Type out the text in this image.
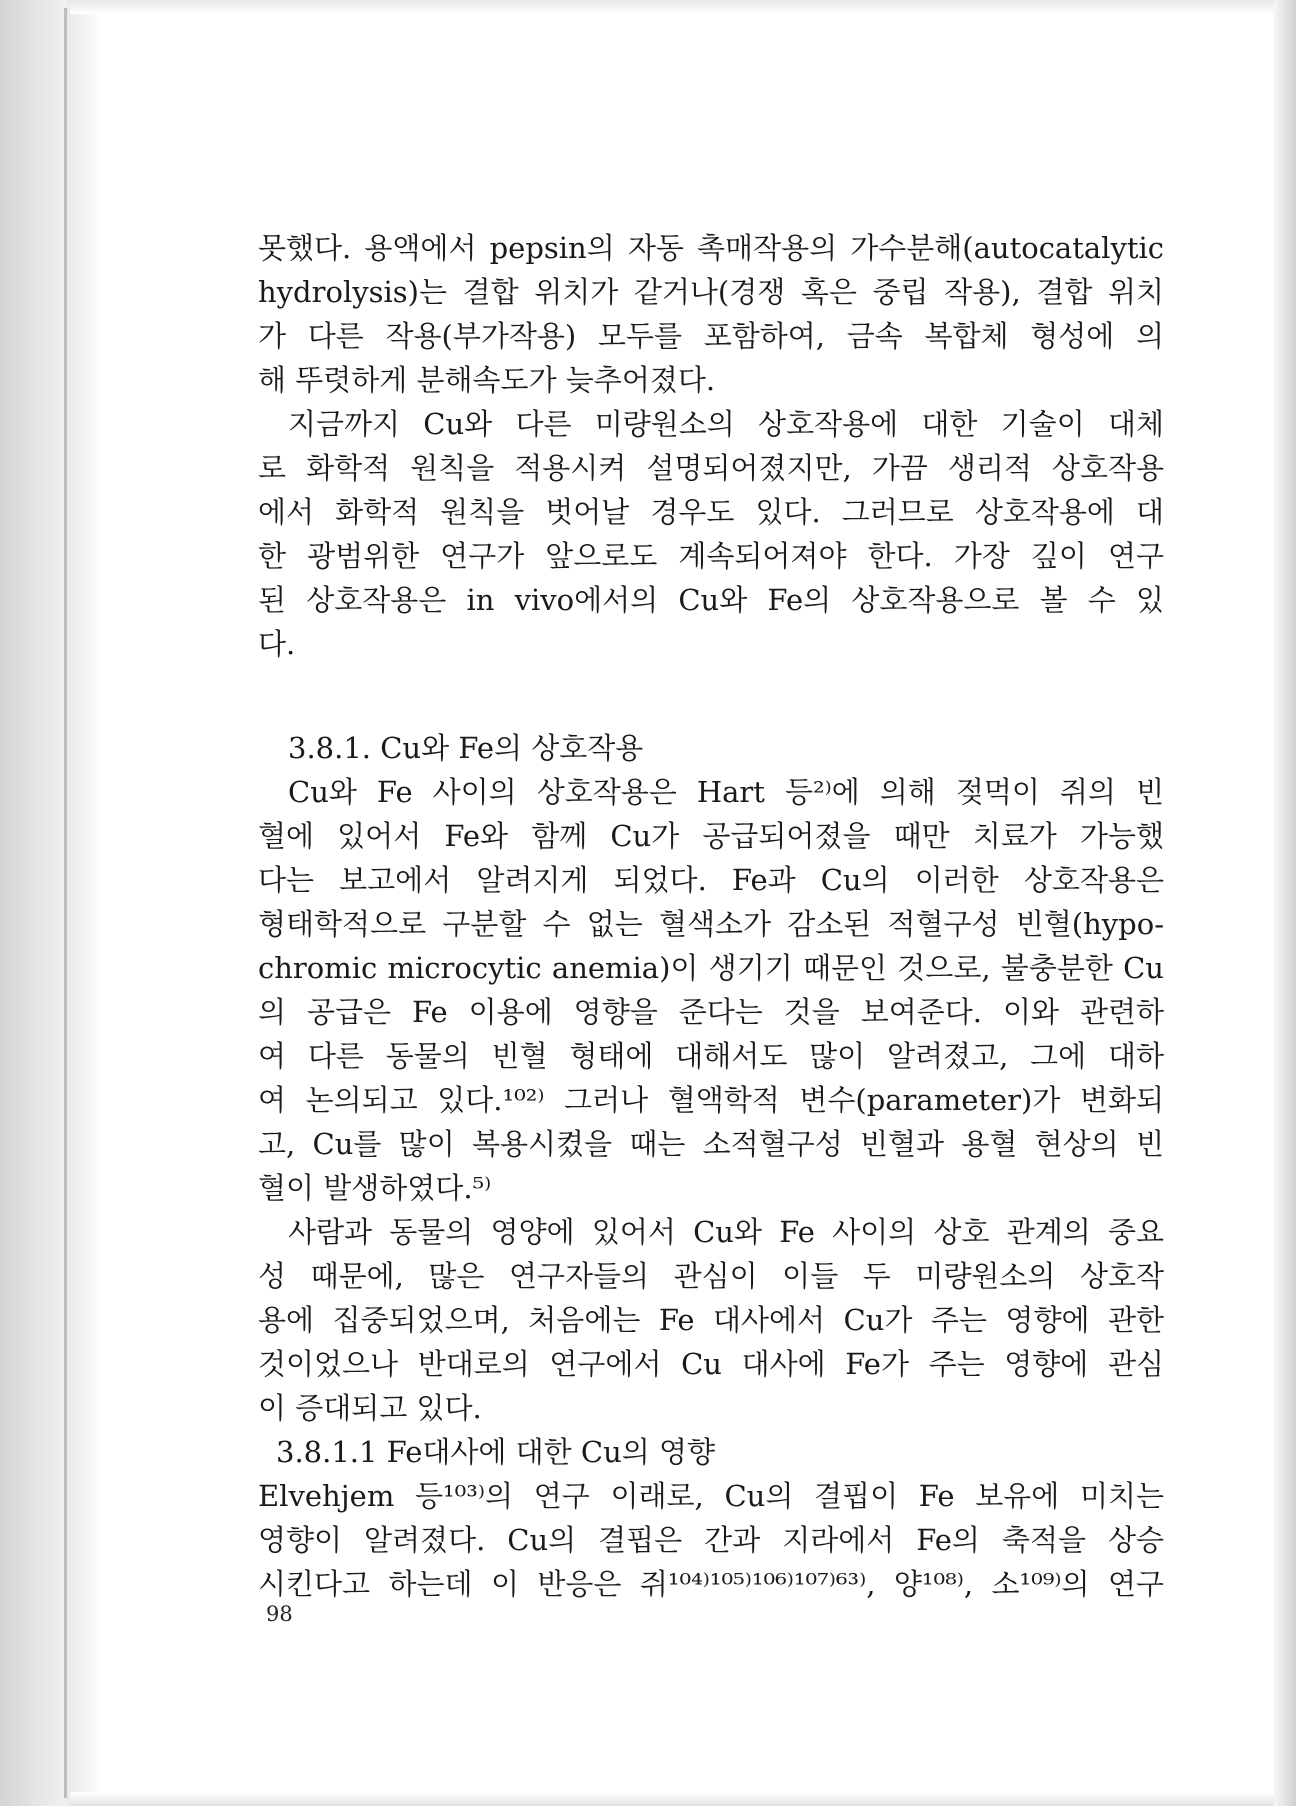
못했다. 용액에서 pepsin의 자동 촉매작용의 가수분해(autocatalytic
hydrolysis)는 결합 위치가 같거나(경쟁 혹은 중립 작용), 결합 위치
가 다른 작용(부가작용) 모두를 포함하여, 금속 복합체 형성에 의
해 뚜렷하게 분해속도가 늦추어졌다.
지금까지 Cu와 다른 미량원소의 상호작용에 대한 기술이 대체
로 화학적 원칙을 적용시켜 설명되어졌지만, 가끔 생리적 상호작용
에서 화학적 원칙을 벗어날 경우도 있다. 그러므로 상호작용에 대
한 광범위한 연구가 앞으로도 계속되어져야 한다. 가장 깊이 연구
된 상호작용은 in vivo에서의 Cu와 Fe의 상호작용으로 볼 수 있
다.
3.8.1. Cu와 Fe의 상호작용
Cu와 Fe 사이의 상호작용은 Hart 등²⁾에 의해 젖먹이 쥐의 빈
혈에 있어서 Fe와 함께 Cu가 공급되어졌을 때만 치료가 가능했
다는 보고에서 알려지게 되었다. Fe과 Cu의 이러한 상호작용은
형태학적으로 구분할 수 없는 혈색소가 감소된 적혈구성 빈혈(hypo-
chromic microcytic anemia)이 생기기 때문인 것으로, 불충분한 Cu
의 공급은 Fe 이용에 영향을 준다는 것을 보여준다. 이와 관련하
여 다른 동물의 빈혈 형태에 대해서도 많이 알려졌고, 그에 대하
여 논의되고 있다.¹⁰²⁾ 그러나 혈액학적 변수(parameter)가 변화되
고, Cu를 많이 복용시켰을 때는 소적혈구성 빈혈과 용혈 현상의 빈
혈이 발생하였다.⁵⁾
사람과 동물의 영양에 있어서 Cu와 Fe 사이의 상호 관계의 중요
성 때문에, 많은 연구자들의 관심이 이들 두 미량원소의 상호작
용에 집중되었으며, 처음에는 Fe 대사에서 Cu가 주는 영향에 관한
것이었으나 반대로의 연구에서 Cu 대사에 Fe가 주는 영향에 관심
이 증대되고 있다.
3.8.1.1 Fe대사에 대한 Cu의 영향
Elvehjem 등¹⁰³⁾의 연구 이래로, Cu의 결핍이 Fe 보유에 미치는
영향이 알려졌다. Cu의 결핍은 간과 지라에서 Fe의 축적을 상승
시킨다고 하는데 이 반응은 쥐¹⁰⁴⁾¹⁰⁵⁾¹⁰⁶⁾¹⁰⁷⁾⁶³⁾, 양¹⁰⁸⁾, 소¹⁰⁹⁾의 연구
98
